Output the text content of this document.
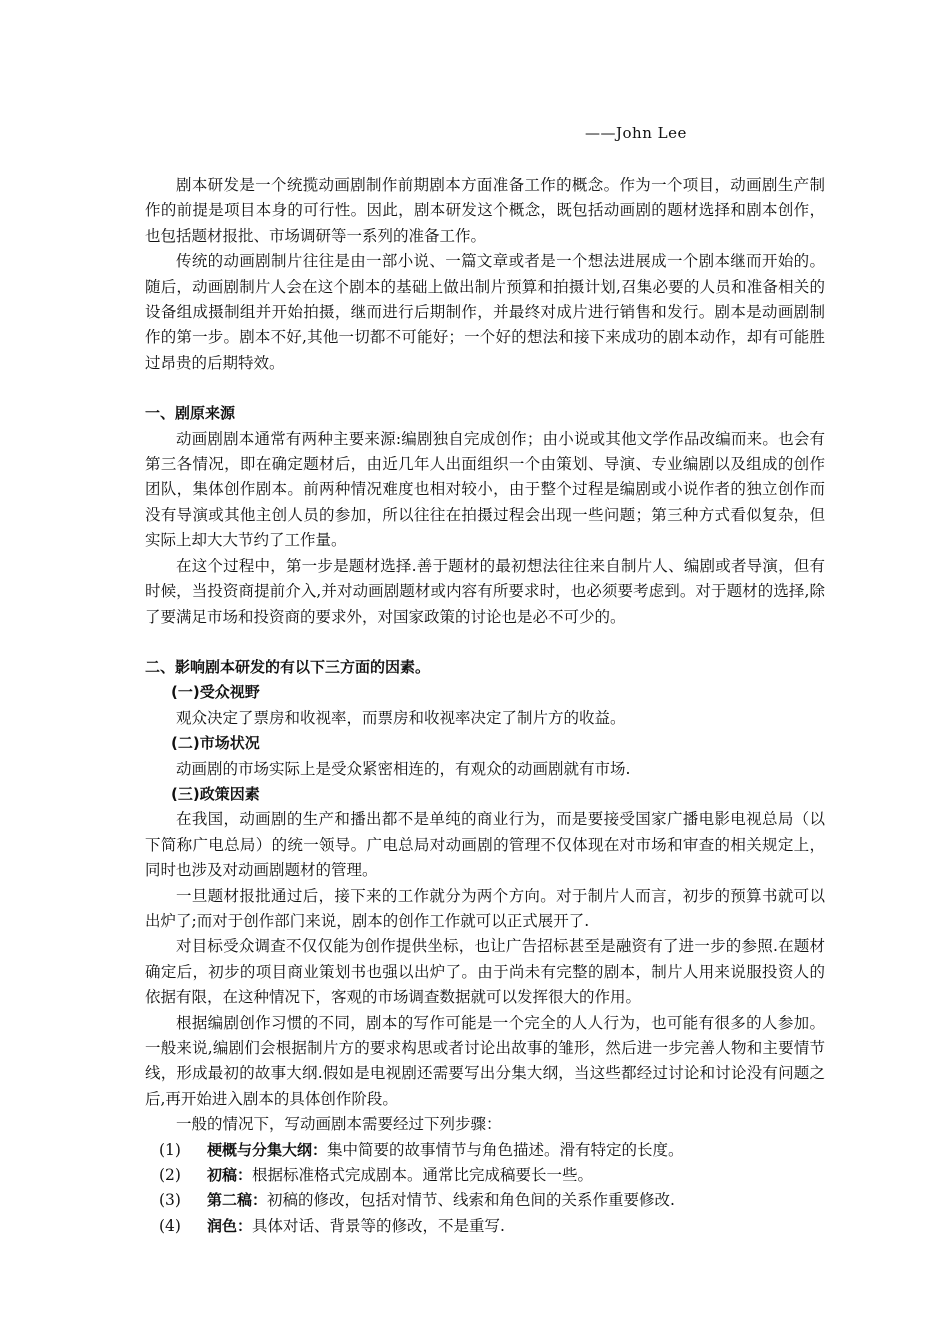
——John Lee

剧本研发是一个统揽动画剧制作前期剧本方面准备工作的概念。作为一个项目，动画剧生产制作的前提是项目本身的可行性。因此，剧本研发这个概念，既包括动画剧的题材选择和剧本创作，也包括题材报批、市场调研等一系列的准备工作。

传统的动画剧制片往往是由一部小说、一篇文章或者是一个想法进展成一个剧本继而开始的。随后，动画剧制片人会在这个剧本的基础上做出制片预算和拍摄计划,召集必要的人员和准备相关的设备组成摄制组并开始拍摄，继而进行后期制作，并最终对成片进行销售和发行。剧本是动画剧制作的第一步。剧本不好,其他一切都不可能好；一个好的想法和接下来成功的剧本动作，却有可能胜过昂贵的后期特效。

一、剧原来源

动画剧剧本通常有两种主要来源:编剧独自完成创作；由小说或其他文学作品改编而来。也会有第三各情况，即在确定题材后，由近几年人出面组织一个由策划、导演、专业编剧以及组成的创作团队，集体创作剧本。前两种情况难度也相对较小，由于整个过程是编剧或小说作者的独立创作而没有导演或其他主创人员的参加，所以往往在拍摄过程会出现一些问题；第三种方式看似复杂，但实际上却大大节约了工作量。

在这个过程中，第一步是题材选择.善于题材的最初想法往往来自制片人、编剧或者导演，但有时候，当投资商提前介入,并对动画剧题材或内容有所要求时，也必须要考虑到。对于题材的选择,除了要满足市场和投资商的要求外，对国家政策的讨论也是必不可少的。

二、影响剧本研发的有以下三方面的因素。
(一)受众视野

观众决定了票房和收视率，而票房和收视率决定了制片方的收益。

(二)市场状况

动画剧的市场实际上是受众紧密相连的，有观众的动画剧就有市场.

(三)政策因素

在我国，动画剧的生产和播出都不是单纯的商业行为，而是要接受国家广播电影电视总局（以下简称广电总局）的统一领导。广电总局对动画剧的管理不仅体现在对市场和审查的相关规定上，同时也涉及对动画剧题材的管理。

一旦题材报批通过后，接下来的工作就分为两个方向。对于制片人而言，初步的预算书就可以出炉了;而对于创作部门来说，剧本的创作工作就可以正式展开了.

对目标受众调查不仅仅能为创作提供坐标，也让广告招标甚至是融资有了进一步的参照.在题材确定后，初步的项目商业策划书也强以出炉了。由于尚未有完整的剧本，制片人用来说服投资人的依据有限，在这种情况下，客观的市场调查数据就可以发挥很大的作用。

根据编剧创作习惯的不同，剧本的写作可能是一个完全的人人行为，也可能有很多的人参加。一般来说,编剧们会根据制片方的要求构思或者讨论出故事的雏形，然后进一步完善人物和主要情节线，形成最初的故事大纲.假如是电视剧还需要写出分集大纲，当这些都经过讨论和讨论没有问题之后,再开始进入剧本的具体创作阶段。

一般的情况下，写动画剧本需要经过下列步骤：

(1)	梗概与分集大纲： 集中简要的故事情节与角色描述。滑有特定的长度。
(2)	初稿： 根据标准格式完成剧本。通常比完成稿要长一些。
(3)	第二稿： 初稿的修改，包括对情节、线索和角色间的关系作重要修改.
(4)	润色： 具体对话、背景等的修改，不是重写.
